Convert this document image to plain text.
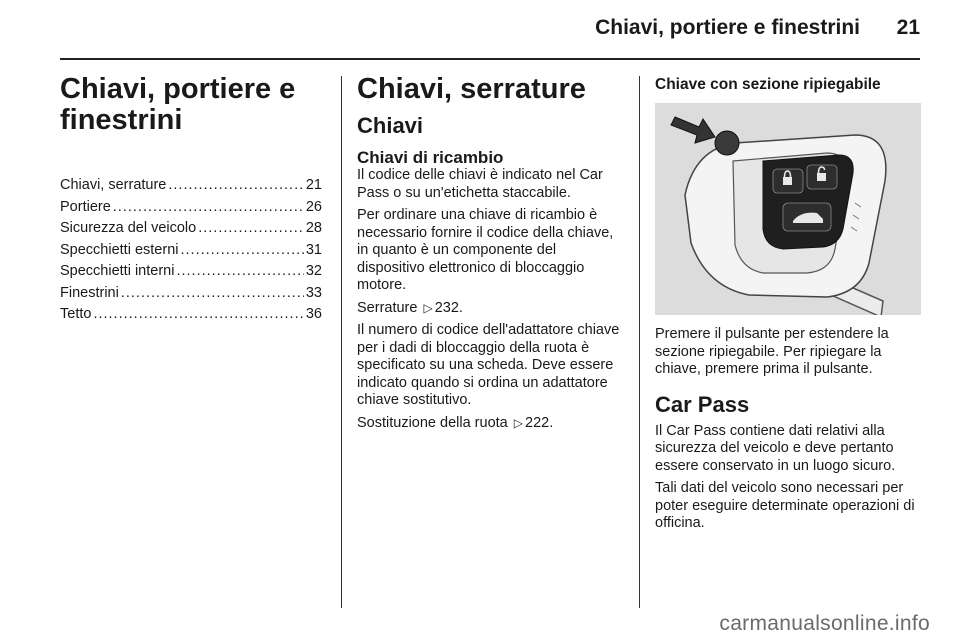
Chiavi, portiere e finestrini	21
Chiavi, portiere e finestrini
Chiavi, serrature .....	21
Portiere .....	26
Sicurezza del veicolo .....	28
Specchietti esterni .....	31
Specchietti interni .....	32
Finestrini .....	33
Tetto .....	36
Chiavi, serrature
Chiavi
Chiavi di ricambio

Il codice delle chiavi è indicato nel Car Pass o su un'etichetta staccabile.

Per ordinare una chiave di ricambio è necessario fornire il codice della chiave, in quanto è un componente del dispositivo elettronico di bloccaggio motore.

Serrature ▷ 232.

Il numero di codice dell'adattatore chiave per i dadi di bloccaggio della ruota è specificato su una scheda. Deve essere indicato quando si ordina un adattatore chiave sostitutivo.

Sostituzione della ruota ▷ 222.

Chiave con sezione ripiegabile

Premere il pulsante per estendere la sezione ripiegabile. Per ripiegare la chiave, premere prima il pulsante.

Car Pass

Il Car Pass contiene dati relativi alla sicurezza del veicolo e deve pertanto essere conservato in un luogo sicuro.

Tali dati del veicolo sono necessari per poter eseguire determinate operazioni di officina.

carmanualsonline.info
